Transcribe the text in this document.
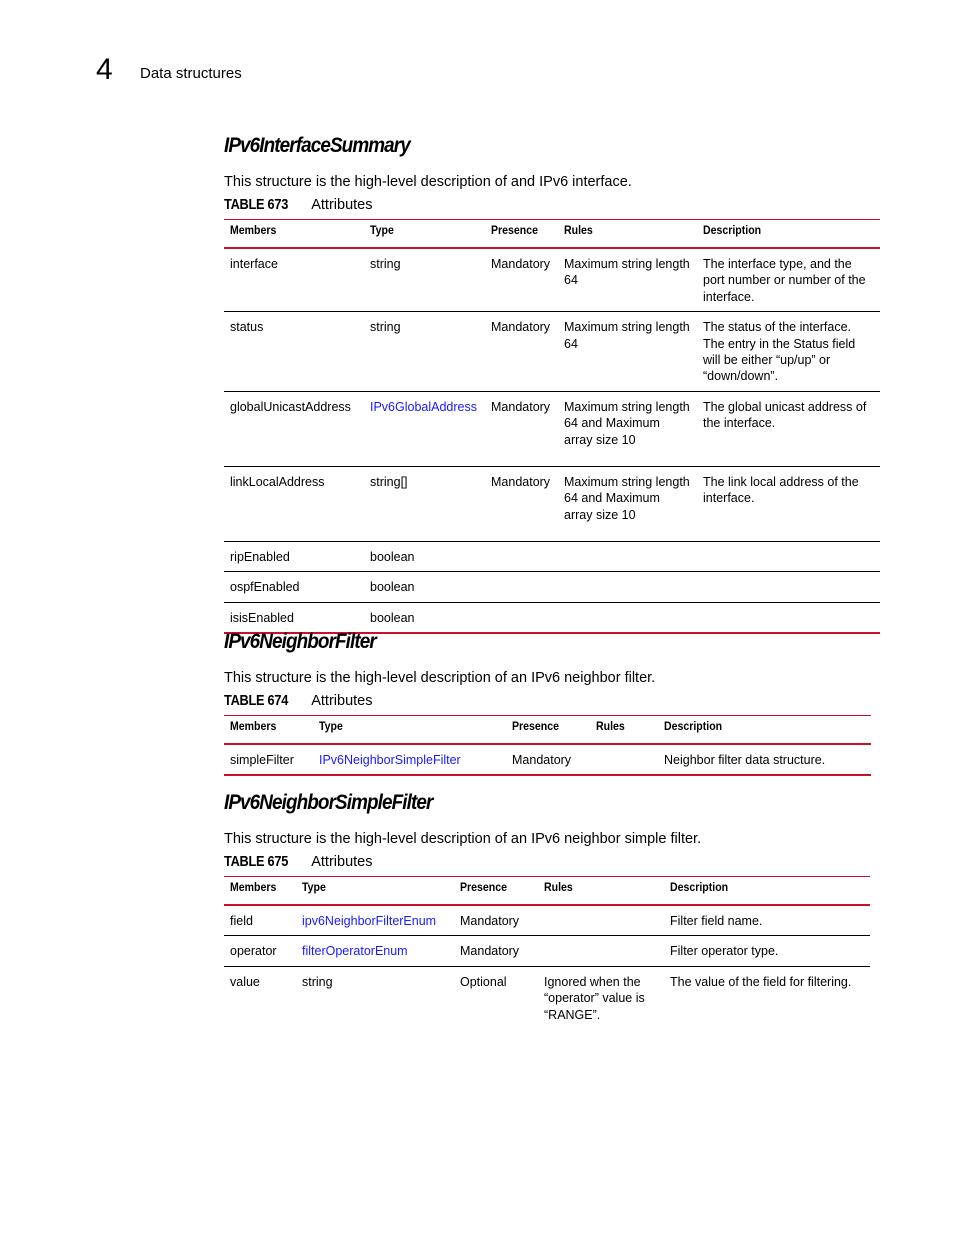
4 Data structures
IPv6InterfaceSummary
This structure is the high-level description of and IPv6 interface.
TABLE 673 Attributes
Members	Type	Presence	Rules	Description
interface	string	Mandatory	Maximum string length 64	The interface type, and the port number or number of the interface.
status	string	Mandatory	Maximum string length 64	The status of the interface. The entry in the Status field will be either “up/up” or “down/down”.
globalUnicastAddress	IPv6GlobalAddress	Mandatory	Maximum string length 64 and Maximum array size 10	The global unicast address of the interface.
linkLocalAddress	string[]	Mandatory	Maximum string length 64 and Maximum array size 10	The link local address of the interface.
ripEnabled	boolean			
ospfEnabled	boolean			
isisEnabled	boolean			
IPv6NeighborFilter
This structure is the high-level description of an IPv6 neighbor filter.
TABLE 674 Attributes
Members	Type	Presence	Rules	Description
simpleFilter	IPv6NeighborSimpleFilter	Mandatory		Neighbor filter data structure.
IPv6NeighborSimpleFilter
This structure is the high-level description of an IPv6 neighbor simple filter.
TABLE 675 Attributes
Members	Type	Presence	Rules	Description
field	ipv6NeighborFilterEnum	Mandatory		Filter field name.
operator	filterOperatorEnum	Mandatory		Filter operator type.
value	string	Optional	Ignored when the “operator” value is “RANGE”.	The value of the field for filtering.
